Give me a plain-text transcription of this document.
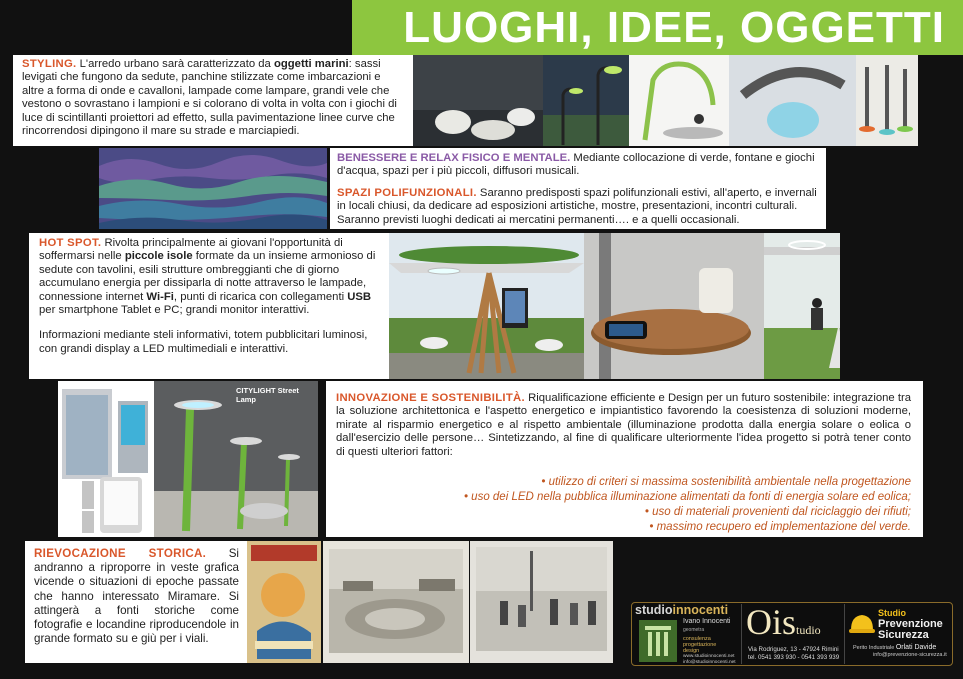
LUOGHI, IDEE, OGGETTI
STYLING. L'arredo urbano sarà caratterizzato da oggetti marini: sassi levigati che fungono da sedute, panchine stilizzate come imbarcazioni e altre a forma di onde e cavalloni, lampade come lampare, grandi vele che vestono o sovrastano i lampioni e si colorano di volta in volta con i giochi di luce di scintillanti proiettori ad effetto, sulla pavimentazione linee curve che rincorrendosi dipingono il mare su strade e marciapiedi.
BENESSERE E RELAX FISICO E MENTALE. Mediante collocazione di verde, fontane e giochi d'acqua, spazi per i più piccoli, diffusori musicali.
SPAZI POLIFUNZIONALI. Saranno predisposti spazi polifunzionali estivi, all'aperto, e invernali in locali chiusi, da dedicare ad esposizioni artistiche, mostre, presentazioni, incontri culturali. Saranno previsti luoghi dedicati ai mercatini permanenti…. e a quelli occasionali.
HOT SPOT. Rivolta principalmente ai giovani l'opportunità di soffermarsi nelle piccole isole formate da un insieme armonioso di sedute con tavolini, esili strutture ombreggianti che di giorno accumulano energia per dissiparla di notte attraverso le lampade, connessione internet Wi-Fi, punti di ricarica con collegamenti USB per smartphone Tablet e PC; grandi monitor interattivi.
Informazioni mediante steli informativi, totem pubblicitari luminosi, con grandi display a LED multimediali e interattivi.
CITYLIGHT Street Lamp	INNOVAZIONE E SOSTENIBILITÀ. Riqualificazione efficiente e Design per un futuro sostenibile: integrazione tra la soluzione architettonica e l'aspetto energetico e impiantistico favorendo la coesistenza di soluzioni moderne, mirate al risparmio energetico e al rispetto ambientale (illuminazione prodotta dalla energia solare o eolica o dall'esercizio delle persone… Sintetizzando, al fine di qualificare ulteriormente l'idea progetto si potrà tener conto di questi ulteriori fattori:
• utilizzo di criteri si massima sostenibilità ambientale nella progettazione
• uso dei LED nella pubblica illuminazione alimentati da fonti di energia solare ed eolica;
• uso di materiali provenienti dal riciclaggio dei rifiuti;
• massimo recupero ed implementazione del verde.
RIEVOCAZIONE STORICA. Si andranno a riproporre in veste grafica vicende o situazioni di epoche passate che hanno interessato Miramare. Si attingerà a fonti storiche come fotografie e locandine riproducendole in grande formato su e giù per i viali.
studioinnocenti
Ivano Innocenti
geometra
consulenza
progettazione
design
www.studioinnocenti.net
info@studioinnocenti.net
Oistudio
Via Rodriguez, 13 - 47924 Rimini
tel. 0541 393 930 - 0541 393 939
Studio
Prevenzione
Sicurezza
Perito Industriale Orlati Davide
info@prevenzione-sicurezza.it
